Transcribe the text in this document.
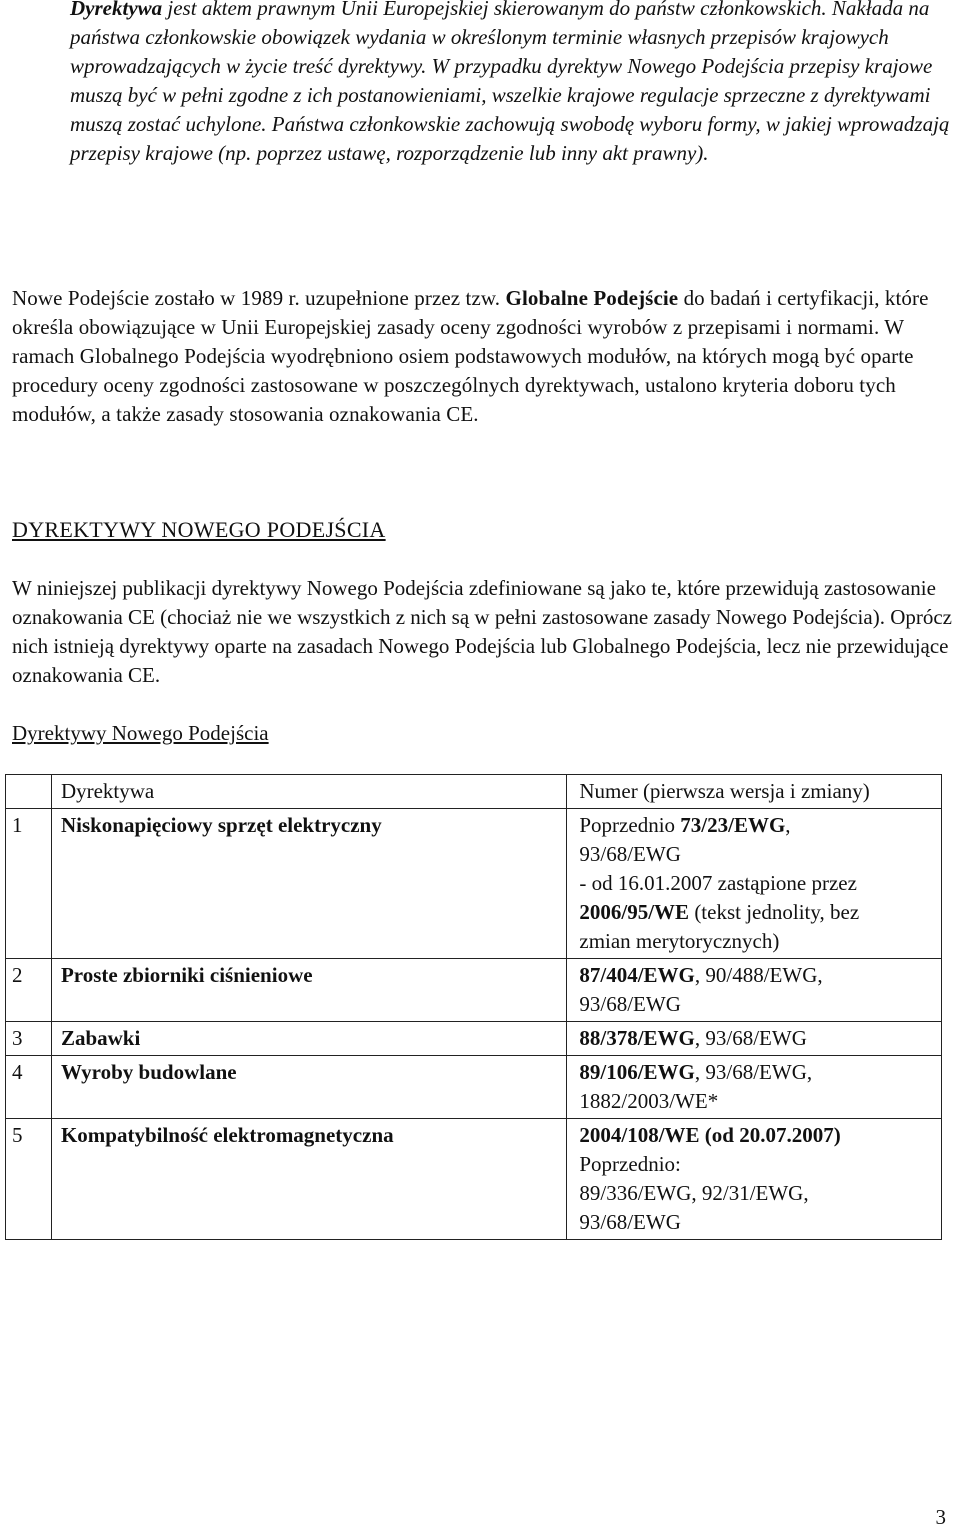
Dyrektywa jest aktem prawnym Unii Europejskiej skierowanym do państw członkowskich. Nakłada na państwa członkowskie obowiązek wydania w określonym terminie własnych przepisów krajowych wprowadzających w życie treść dyrektywy. W przypadku dyrektyw Nowego Podejścia przepisy krajowe muszą być w pełni zgodne z ich postanowieniami, wszelkie krajowe regulacje sprzeczne z dyrektywami muszą zostać uchylone. Państwa członkowskie zachowują swobodę wyboru formy, w jakiej wprowadzają przepisy krajowe (np. poprzez ustawę, rozporządzenie lub inny akt prawny).

Nowe Podejście zostało w 1989 r. uzupełnione przez tzw. Globalne Podejście do badań i certyfikacji, które określa obowiązujące w Unii Europejskiej zasady oceny zgodności wyrobów z przepisami i normami. W ramach Globalnego Podejścia wyodrębniono osiem podstawowych modułów, na których mogą być oparte procedury oceny zgodności zastosowane w poszczególnych dyrektywach, ustalono kryteria doboru tych modułów, a także zasady stosowania oznakowania CE.

DYREKTYWY NOWEGO PODEJŚCIA

W niniejszej publikacji dyrektywy Nowego Podejścia zdefiniowane są jako te, które przewidują zastosowanie oznakowania CE (chociaż nie we wszystkich z nich są w pełni zastosowane zasady Nowego Podejścia). Oprócz nich istnieją dyrektywy oparte na zasadach Nowego Podejścia lub Globalnego Podejścia, lecz nie przewidujące oznakowania CE.

Dyrektywy Nowego Podejścia
	Dyrektywa	Numer (pierwsza wersja i zmiany)
1	Niskonapięciowy sprzęt elektryczny	Poprzednio 73/23/EWG,
93/68/EWG
- od 16.01.2007 zastąpione przez
2006/95/WE (tekst jednolity, bez
zmian merytorycznych)

2	Proste zbiorniki ciśnieniowe	87/404/EWG, 90/488/EWG,
93/68/EWG

3	Zabawki	88/378/EWG, 93/68/EWG

4	Wyroby budowlane	89/106/EWG, 93/68/EWG,
1882/2003/WE*

5	Kompatybilność elektromagnetyczna	2004/108/WE (od 20.07.2007)
Poprzednio:
89/336/EWG, 92/31/EWG,
93/68/EWG
3
